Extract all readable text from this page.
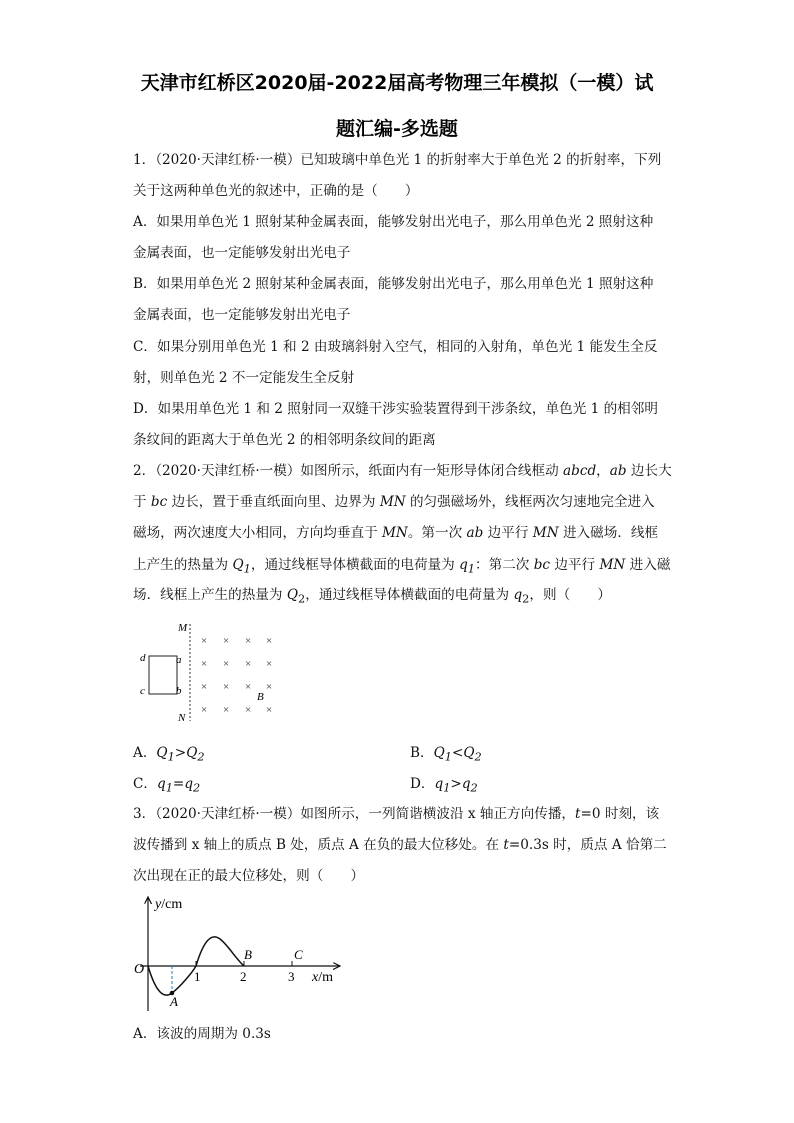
天津市红桥区2020届-2022届高考物理三年模拟（一模）试
题汇编-多选题
1．（2020·天津红桥·一模）已知玻璃中单色光 1 的折射率大于单色光 2 的折射率，下列
关于这两种单色光的叙述中，正确的是（　　）
A．如果用单色光 1 照射某种金属表面，能够发射出光电子，那么用单色光 2 照射这种
金属表面，也一定能够发射出光电子
B．如果用单色光 2 照射某种金属表面，能够发射出光电子，那么用单色光 1 照射这种
金属表面，也一定能够发射出光电子
C．如果分别用单色光 1 和 2 由玻璃斜射入空气，相同的入射角，单色光 1 能发生全反
射，则单色光 2 不一定能发生全反射
D．如果用单色光 1 和 2 照射同一双缝干涉实验装置得到干涉条纹，单色光 1 的相邻明
条纹间的距离大于单色光 2 的相邻明条纹间的距离
2．（2020·天津红桥·一模）如图所示，纸面内有一矩形导体闭合线框动 abcd，ab 边长大
于 bc 边长，置于垂直纸面向里、边界为 MN 的匀强磁场外，线框两次匀速地完全进入
磁场，两次速度大小相同，方向均垂直于 MN。第一次 ab 边平行 MN 进入磁场．线框
上产生的热量为 $Q_1$，通过线框导体横截面的电荷量为 $q_1$：第二次 bc 边平行 MN 进入磁
场．线框上产生的热量为 $Q_2$，通过线框导体横截面的电荷量为 $q_2$，则（　　）
M
N
d	a
c	b
× × × ×
× × × ×
× × × ×
× × × ×
B
A．$Q_1>Q_2$	B．$Q_1<Q_2$
C．$q_1=q_2$	D．$q_1>q_2$
3．（2020·天津红桥·一模）如图所示，一列简谐横波沿 x 轴正方向传播，t=0 时刻，该
波传播到 x 轴上的质点 B 处，质点 A 在负的最大位移处。在 t=0.3s 时，质点 A 恰第二
次出现在正的最大位移处，则（　　）
y/cm
O
A
1	2	3
B	C
x/m
A．该波的周期为 0.3s
